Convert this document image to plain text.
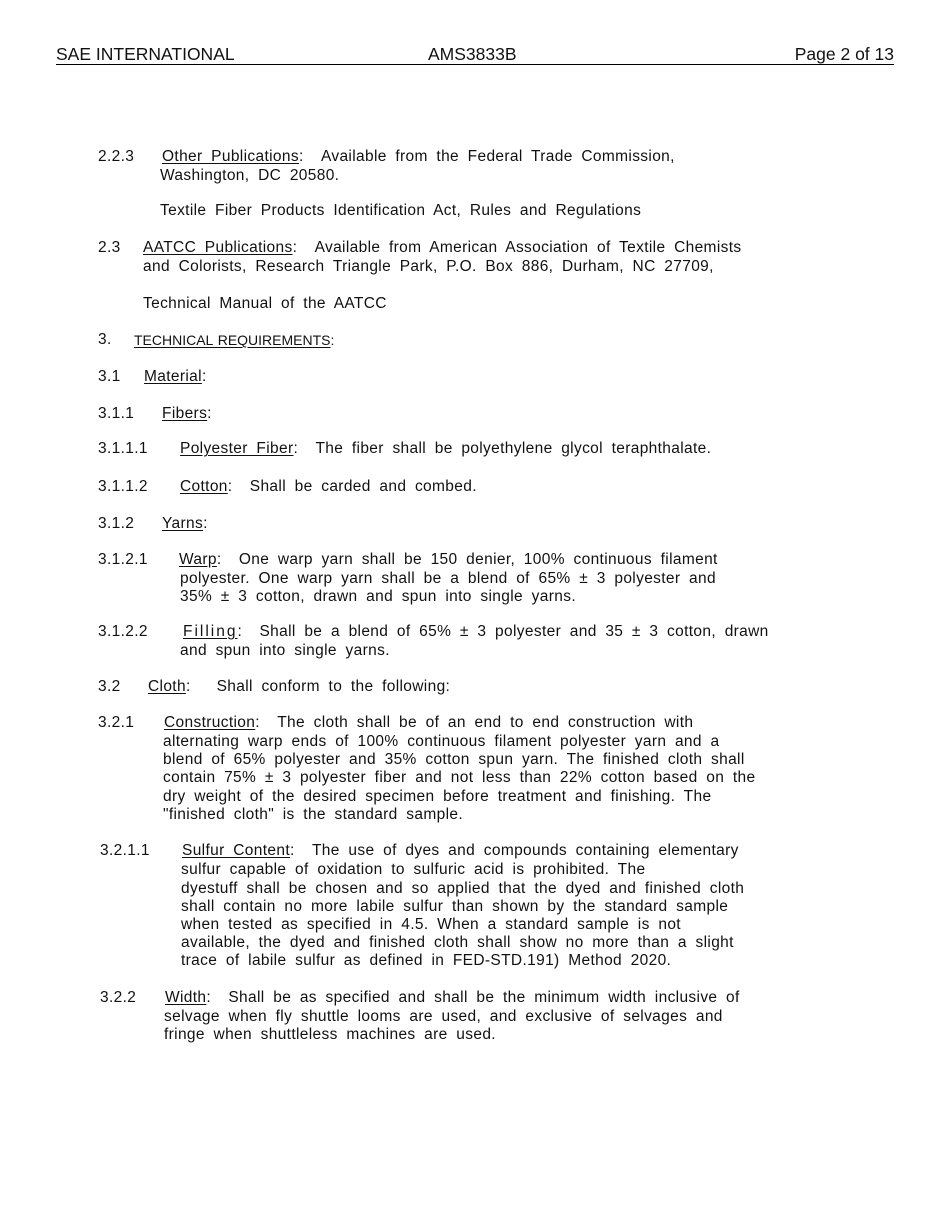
SAE INTERNATIONAL	AMS3833B	Page 2 of 13
2.2.3 Other Publications:  Available from the Federal Trade Commission,
Washington, DC 20580.
Textile Fiber Products Identification Act, Rules and Regulations
2.3 AATCC Publications:  Available from American Association of Textile Chemists
and Colorists, Research Triangle Park, P.O. Box 886, Durham, NC 27709,
Technical Manual of the AATCC
3. TECHNICAL REQUIREMENTS:
3.1 Material:
3.1.1 Fibers:
3.1.1.1 Polyester Fiber:  The fiber shall be polyethylene glycol teraphthalate.
3.1.1.2 Cotton:  Shall be carded and combed.
3.1.2 Yarns:
3.1.2.1 Warp:  One warp yarn shall be 150 denier, 100% continuous filament
polyester. One warp yarn shall be a blend of 65% ± 3 polyester and
35% ± 3 cotton, drawn and spun into single yarns.
3.1.2.2 Filling:  Shall be a blend of 65% ± 3 polyester and 35 ± 3 cotton, drawn
and spun into single yarns.
3.2 Cloth:   Shall conform to the following:
3.2.1 Construction:  The cloth shall be of an end to end construction with
alternating warp ends of 100% continuous filament polyester yarn and a
blend of 65% polyester and 35% cotton spun yarn. The finished cloth shall
contain 75% ± 3 polyester fiber and not less than 22% cotton based on the
dry weight of the desired specimen before treatment and finishing. The
"finished cloth" is the standard sample.
3.2.1.1 Sulfur Content:  The use of dyes and compounds containing elementary
sulfur capable of oxidation to sulfuric acid is prohibited. The
dyestuff shall be chosen and so applied that the dyed and finished cloth
shall contain no more labile sulfur than shown by the standard sample
when tested as specified in 4.5. When a standard sample is not
available, the dyed and finished cloth shall show no more than a slight
trace of labile sulfur as defined in FED-STD.191) Method 2020.
3.2.2 Width:  Shall be as specified and shall be the minimum width inclusive of
selvage when fly shuttle looms are used, and exclusive of selvages and
fringe when shuttleless machines are used.
